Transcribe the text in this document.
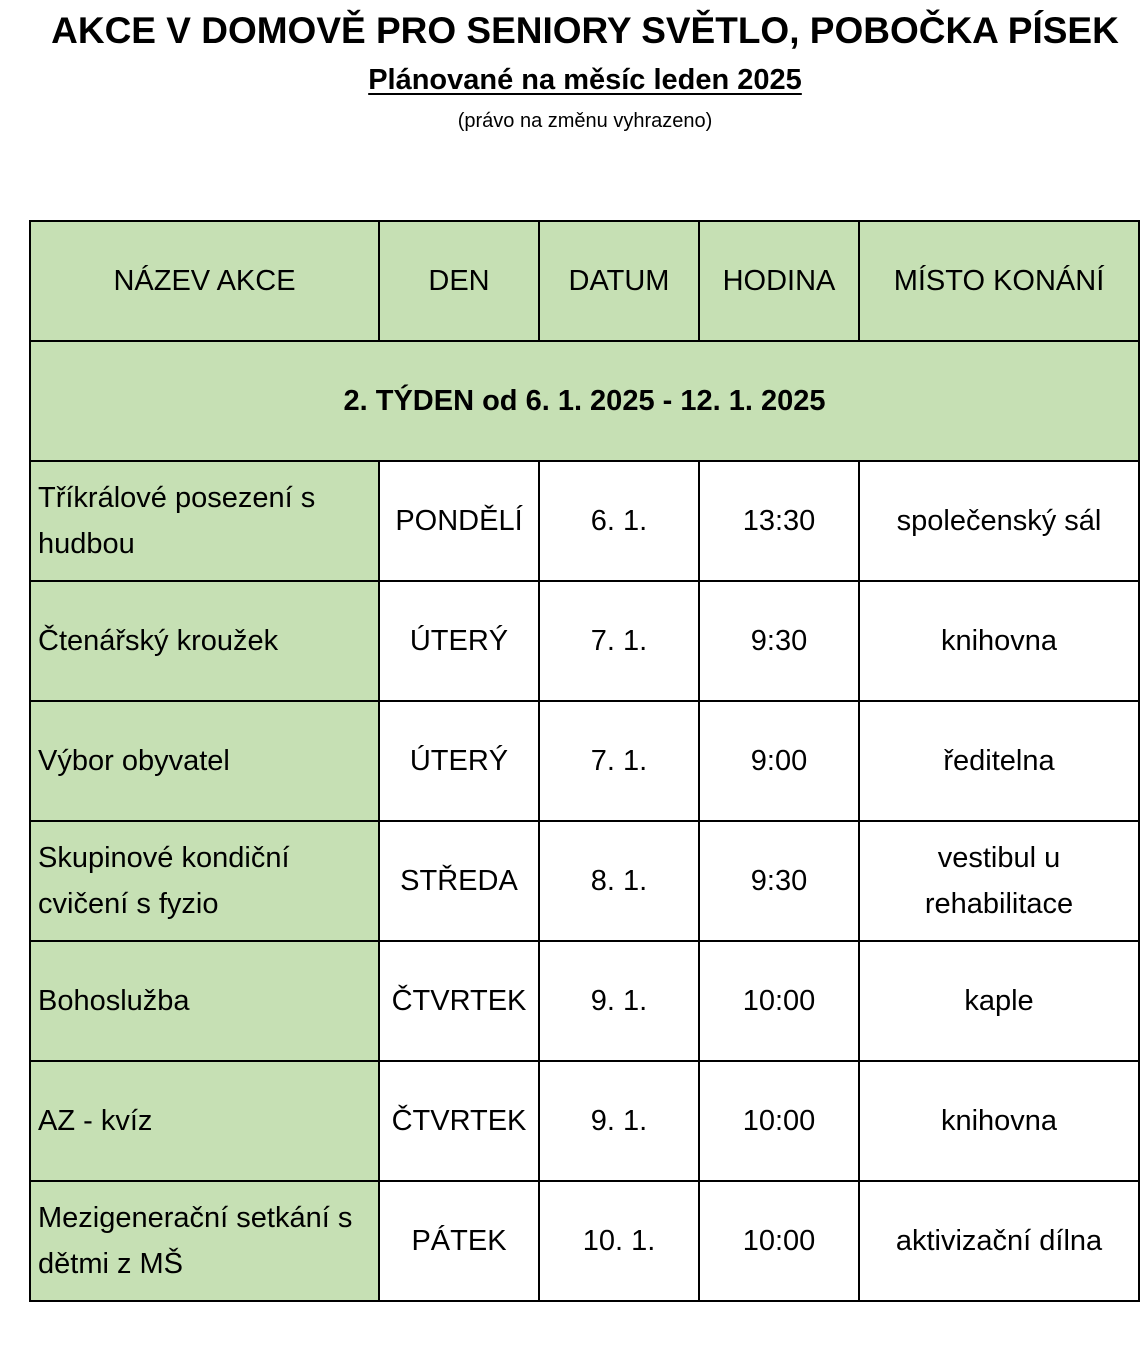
AKCE V DOMOVĚ PRO SENIORY SVĚTLO, POBOČKA PÍSEK
Plánované na měsíc leden 2025
(právo na změnu vyhrazeno)
NÁZEV AKCE	DEN	DATUM	HODINA	MÍSTO KONÁNÍ
2. TÝDEN od 6. 1. 2025 - 12. 1. 2025				
Tříkrálové posezení s hudbou	PONDĚLÍ	6. 1.	13:30	společenský sál
Čtenářský kroužek	ÚTERÝ	7. 1.	9:30	knihovna
Výbor obyvatel	ÚTERÝ	7. 1.	9:00	ředitelna
Skupinové kondiční cvičení s fyzio	STŘEDA	8. 1.	9:30	vestibul u rehabilitace
Bohoslužba	ČTVRTEK	9. 1.	10:00	kaple
AZ - kvíz	ČTVRTEK	9. 1.	10:00	knihovna
Mezigenerační setkání s dětmi z MŠ	PÁTEK	10. 1.	10:00	aktivizační dílna
